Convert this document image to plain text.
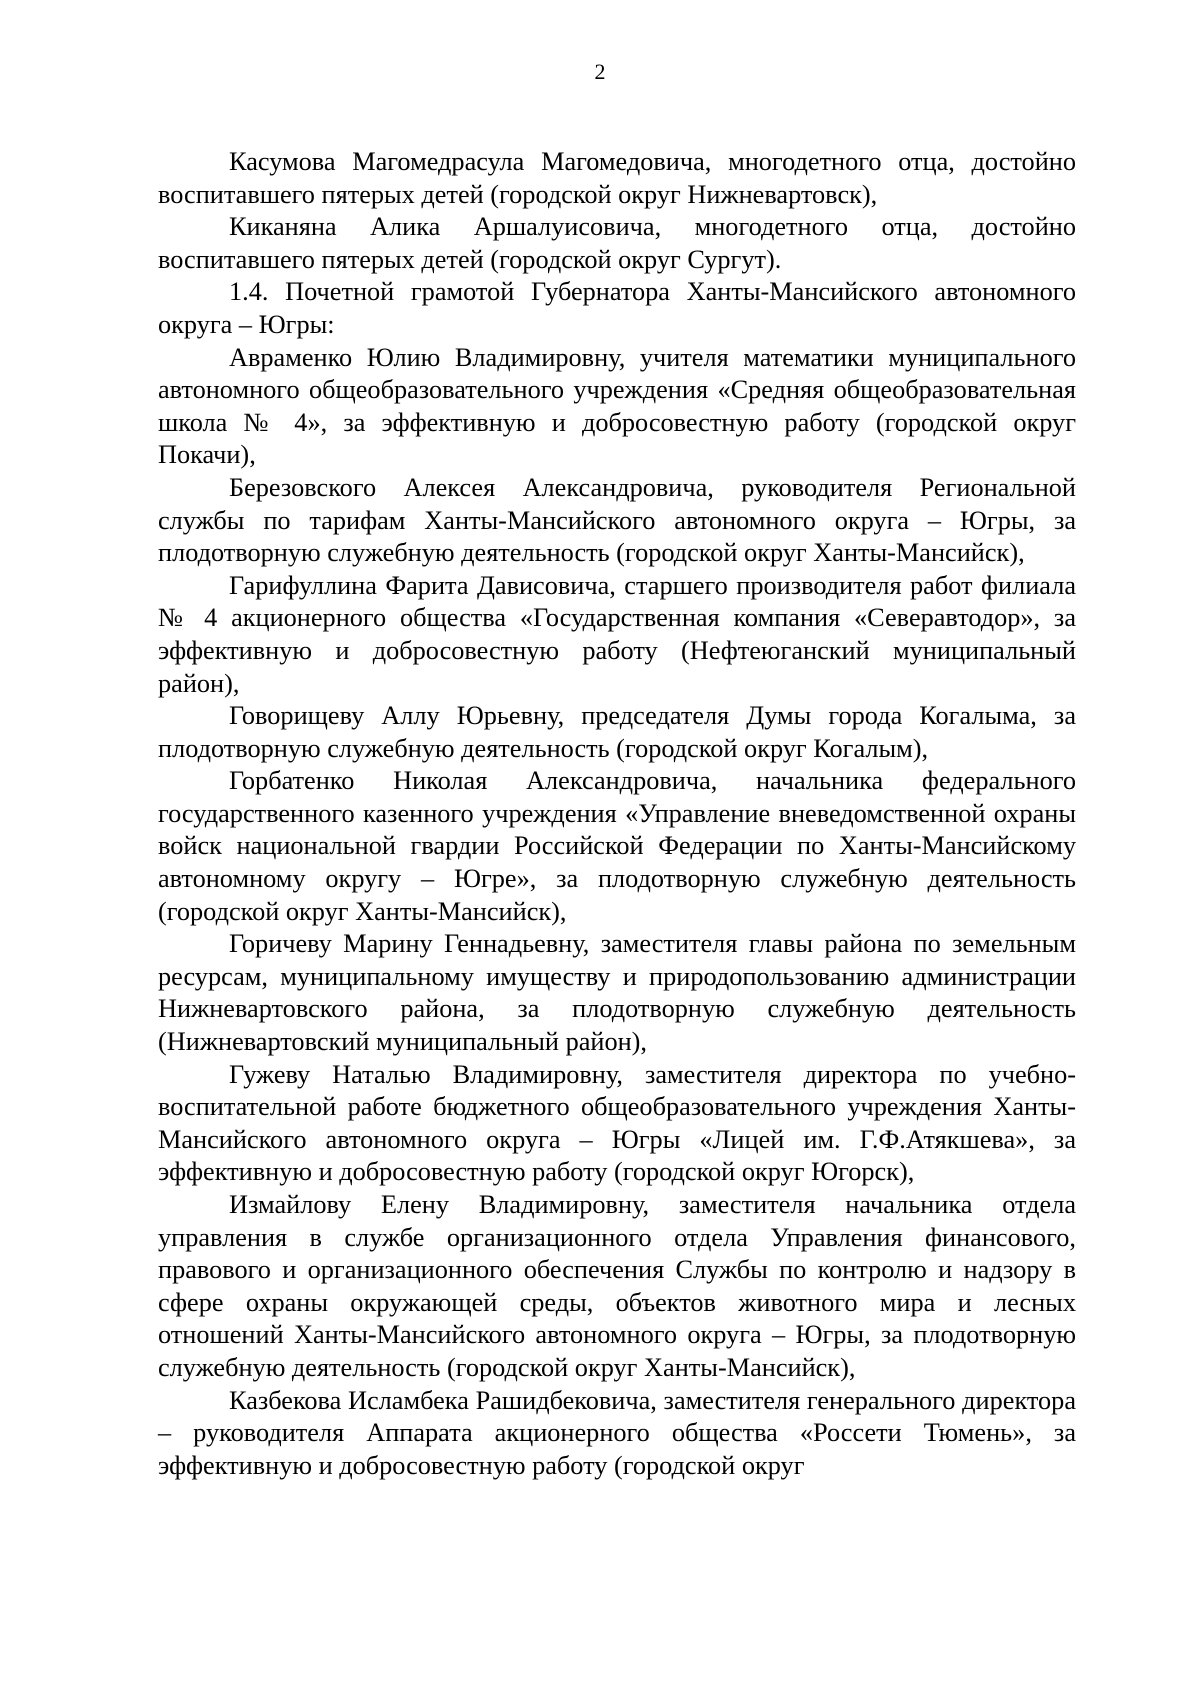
2

Касумова Магомедрасула Магомедовича, многодетного отца, достойно воспитавшего пятерых детей (городской округ Нижневартовск),

Киканяна Алика Аршалуисовича, многодетного отца, достойно воспитавшего пятерых детей (городской округ Сургут).

1.4. Почетной грамотой Губернатора Ханты-Мансийского автономного округа – Югры:

Авраменко Юлию Владимировну, учителя математики муниципального автономного общеобразовательного учреждения «Средняя общеобразовательная школа № 4», за эффективную и добросовестную работу (городской округ Покачи),

Березовского Алексея Александровича, руководителя Региональной службы по тарифам Ханты-Мансийского автономного округа – Югры, за плодотворную служебную деятельность (городской округ Ханты-Мансийск),

Гарифуллина Фарита Дависовича, старшего производителя работ филиала № 4 акционерного общества «Государственная компания «Северавтодор», за эффективную и добросовестную работу (Нефтеюганский муниципальный район),

Говорищеву Аллу Юрьевну, председателя Думы города Когалыма, за плодотворную служебную деятельность (городской округ Когалым),

Горбатенко Николая Александровича, начальника федерального государственного казенного учреждения «Управление вневедомственной охраны войск национальной гвардии Российской Федерации по Ханты-Мансийскому автономному округу – Югре», за плодотворную служебную деятельность (городской округ Ханты-Мансийск),

Горичеву Марину Геннадьевну, заместителя главы района по земельным ресурсам, муниципальному имуществу и природопользованию администрации Нижневартовского района, за плодотворную служебную деятельность (Нижневартовский муниципальный район),

Гужеву Наталью Владимировну, заместителя директора по учебно-воспитательной работе бюджетного общеобразовательного учреждения Ханты-Мансийского автономного округа – Югры «Лицей им. Г.Ф.Атякшева», за эффективную и добросовестную работу (городской округ Югорск),

Измайлову Елену Владимировну, заместителя начальника отдела управления в службе организационного отдела Управления финансового, правового и организационного обеспечения Службы по контролю и надзору в сфере охраны окружающей среды, объектов животного мира и лесных отношений Ханты-Мансийского автономного округа – Югры, за плодотворную служебную деятельность (городской округ Ханты-Мансийск),

Казбекова Исламбека Рашидбековича, заместителя генерального директора – руководителя Аппарата акционерного общества «Россети Тюмень», за эффективную и добросовестную работу (городской округ
